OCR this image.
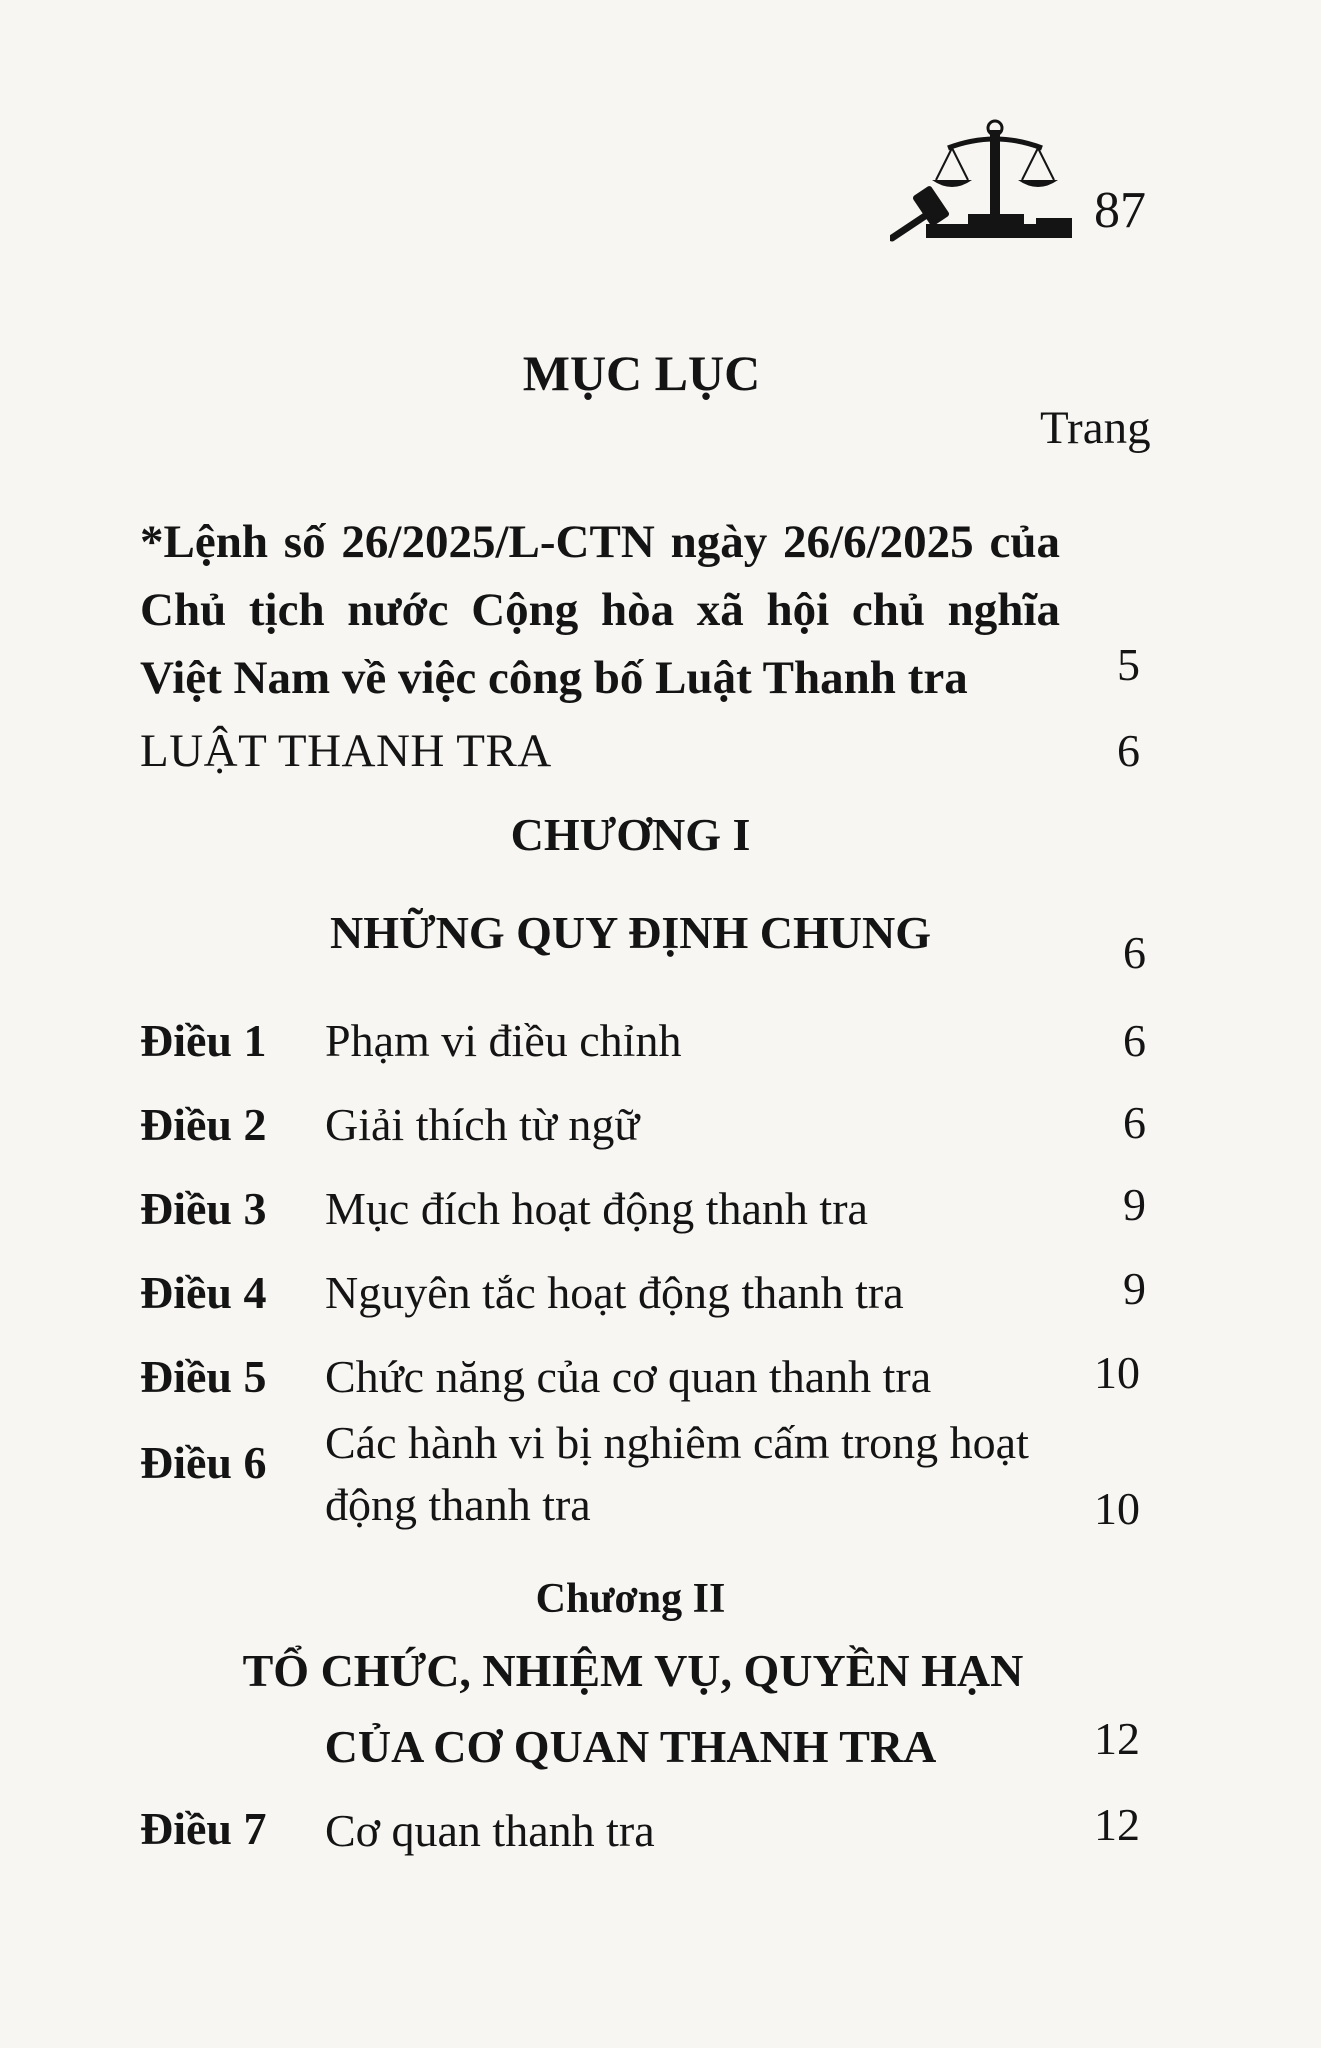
87
MỤC LỤC
Trang
*Lệnh số 26/2025/L-CTN ngày 26/6/2025 của Chủ tịch nước Cộng hòa xã hội chủ nghĩa Việt Nam về việc công bố Luật Thanh tra	5
LUẬT THANH TRA	6
CHƯƠNG I
NHỮNG QUY ĐỊNH CHUNG	6
Điều 1 Phạm vi điều chỉnh	6
Điều 2 Giải thích từ ngữ	6
Điều 3 Mục đích hoạt động thanh tra	9
Điều 4 Nguyên tắc hoạt động thanh tra	9
Điều 5 Chức năng của cơ quan thanh tra	10
Điều 6 Các hành vi bị nghiêm cấm trong hoạt động thanh tra	10
Chương II
TỔ CHỨC, NHIỆM VỤ, QUYỀN HẠN
CỦA CƠ QUAN THANH TRA	12
Điều 7 Cơ quan thanh tra	12
